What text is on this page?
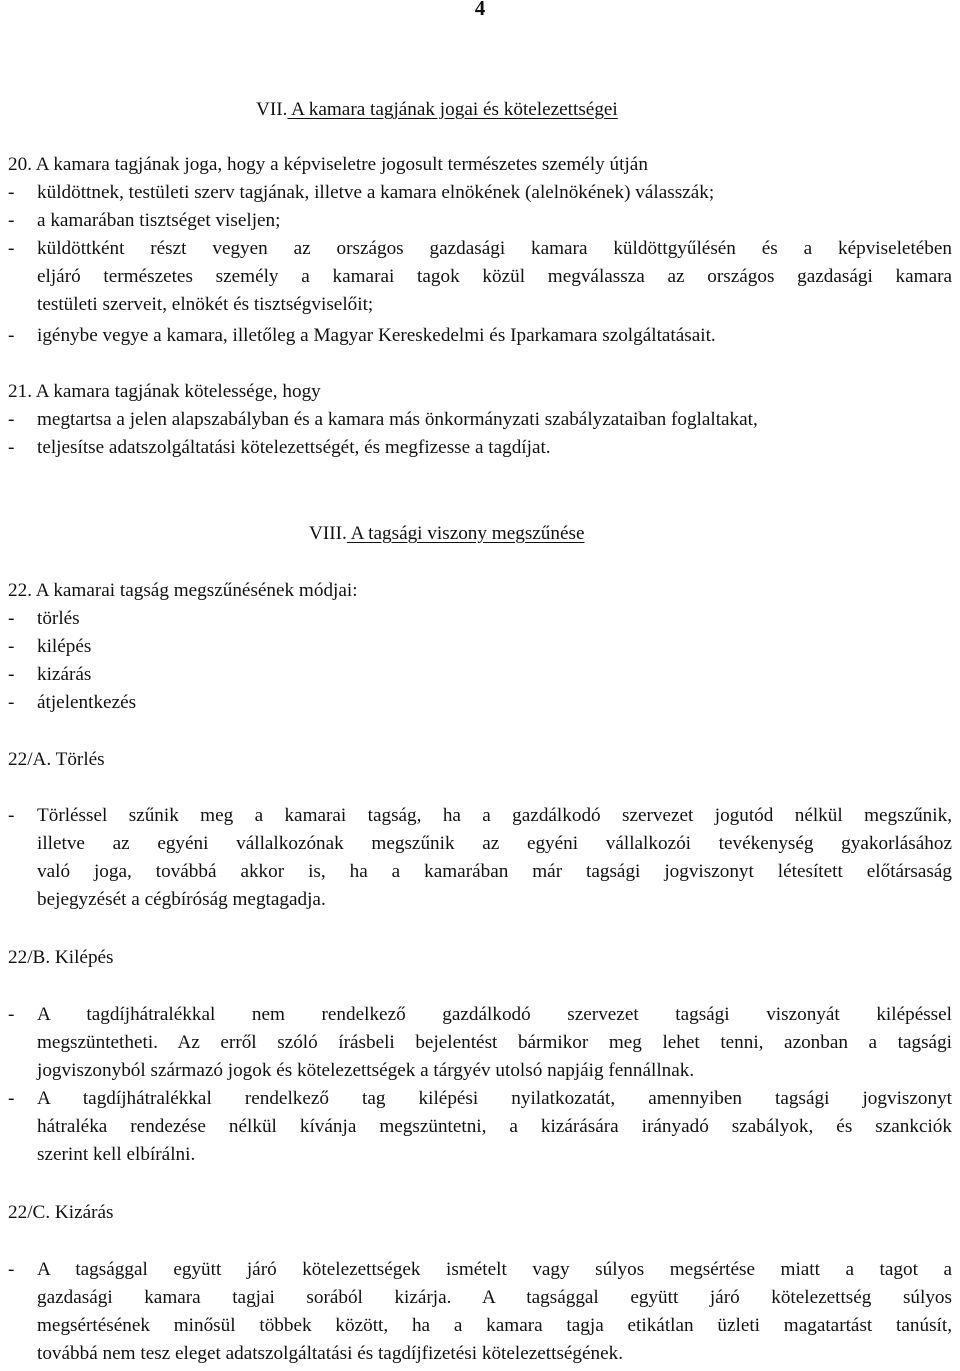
4
VII. A kamara tagjának jogai és kötelezettségei
20. A kamara tagjának joga, hogy a képviseletre jogosult természetes személy útján
-	küldöttnek, testületi szerv tagjának, illetve a kamara elnökének (alelnökének) válasszák;
-	a kamarában tisztséget viseljen;
-	küldöttként részt vegyen az országos gazdasági kamara küldöttgyűlésén és a képviseletében
eljáró természetes személy a kamarai tagok közül megválassza az országos gazdasági kamara
testületi szerveit, elnökét és tisztségviselőit;
-	igénybe vegye a kamara, illetőleg a Magyar Kereskedelmi és Iparkamara szolgáltatásait.
21. A kamara tagjának kötelessége, hogy
-	megtartsa a jelen alapszabályban és a kamara más önkormányzati szabályzataiban foglaltakat,
-	teljesítse adatszolgáltatási kötelezettségét, és megfizesse a tagdíjat.
VIII. A tagsági viszony megszűnése
22. A kamarai tagság megszűnésének módjai:
-	törlés
-	kilépés
-	kizárás
-	átjelentkezés
22/A. Törlés
-	Törléssel szűnik meg a kamarai tagság, ha a gazdálkodó szervezet jogutód nélkül megszűnik,
illetve az egyéni vállalkozónak megszűnik az egyéni vállalkozói tevékenység gyakorlásához
való joga, továbbá akkor is, ha a kamarában már tagsági jogviszonyt létesített előtársaság
bejegyzését a cégbíróság megtagadja.
22/B. Kilépés
-	A tagdíjhátralékkal nem rendelkező gazdálkodó szervezet tagsági viszonyát kilépéssel
megszüntetheti. Az erről szóló írásbeli bejelentést bármikor meg lehet tenni, azonban a tagsági
jogviszonyból származó jogok és kötelezettségek a tárgyév utolsó napjáig fennállnak.
-	A tagdíjhátralékkal rendelkező tag kilépési nyilatkozatát, amennyiben tagsági jogviszonyt
hátraléka rendezése nélkül kívánja megszüntetni, a kizárására irányadó szabályok, és szankciók
szerint kell elbírálni.
22/C. Kizárás
-	A tagsággal együtt járó kötelezettségek ismételt vagy súlyos megsértése miatt a tagot a
gazdasági kamara tagjai sorából kizárja. A tagsággal együtt járó kötelezettség súlyos
megsértésének minősül többek között, ha a kamara tagja etikátlan üzleti magatartást tanúsít,
továbbá nem tesz eleget adatszolgáltatási és tagdíjfizetési kötelezettségének.
